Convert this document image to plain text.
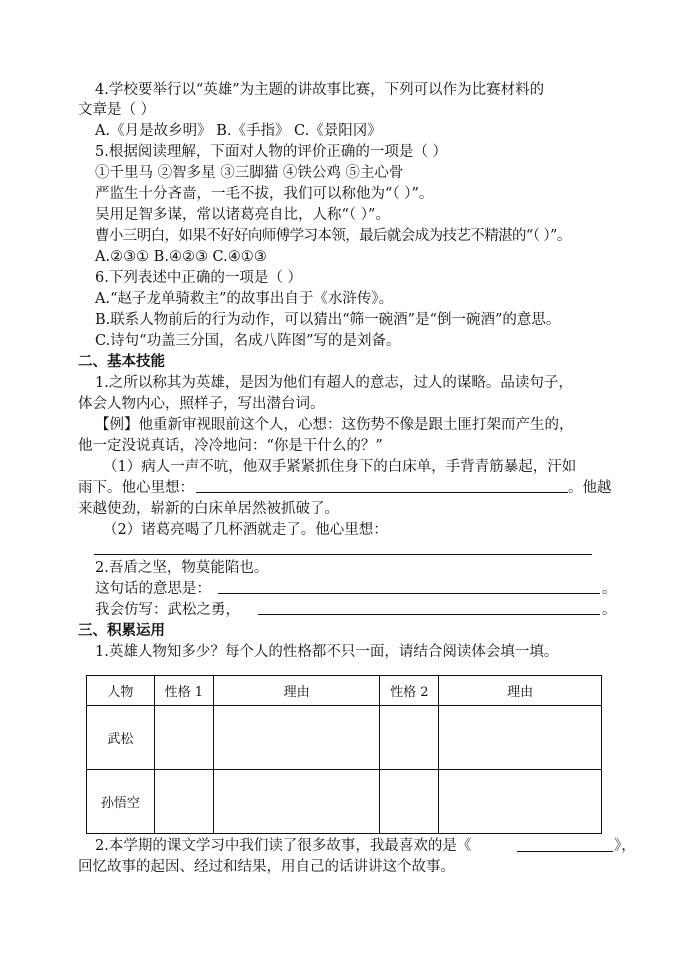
4.学校要举行以“英雄”为主题的讲故事比赛，下列可以作为比赛材料的
文章是（ ）
A.《月是故乡明》 B.《手指》 C.《景阳冈》
5.根据阅读理解，下面对人物的评价正确的一项是（ ）
①千里马 ②智多星 ③三脚猫 ④铁公鸡 ⑤主心骨
严监生十分吝啬，一毛不拔，我们可以称他为“（ ）”。
吴用足智多谋，常以诸葛亮自比，人称“（ ）”。
曹小三明白，如果不好好向师傅学习本领，最后就会成为技艺不精湛的“（ ）”。
A.②③① B.④②③ C.④①③
6.下列表述中正确的一项是（ ）
A.“赵子龙单骑救主”的故事出自于《水浒传》。
B.联系人物前后的行为动作，可以猜出“筛一碗酒”是“倒一碗酒”的意思。
C.诗句“功盖三分国，名成八阵图”写的是刘备。
二、基本技能
1.之所以称其为英雄，是因为他们有超人的意志，过人的谋略。品读句子，
体会人物内心，照样子，写出潜台词。
【例】他重新审视眼前这个人，心想：这伤势不像是跟土匪打架而产生的，
他一定没说真话，冷冷地问：“你是干什么的？”
（1）病人一声不吭，他双手紧紧抓住身下的白床单，手背青筋暴起，汗如
雨下。他心里想：	。他越
来越使劲，崭新的白床单居然被抓破了。
（2）诸葛亮喝了几杯酒就走了。他心里想：
2.吾盾之坚，物莫能陷也。
这句话的意思是：	。
我会仿写：武松之勇，	。
三、积累运用
1.英雄人物知多少？每个人的性格都不只一面，请结合阅读体会填一填。
人物	性格 1	理由	性格 2	理由
武松				
孙悟空				
2.本学期的课文学习中我们读了很多故事，我最喜欢的是《	》，
回忆故事的起因、经过和结果，用自己的话讲讲这个故事。
